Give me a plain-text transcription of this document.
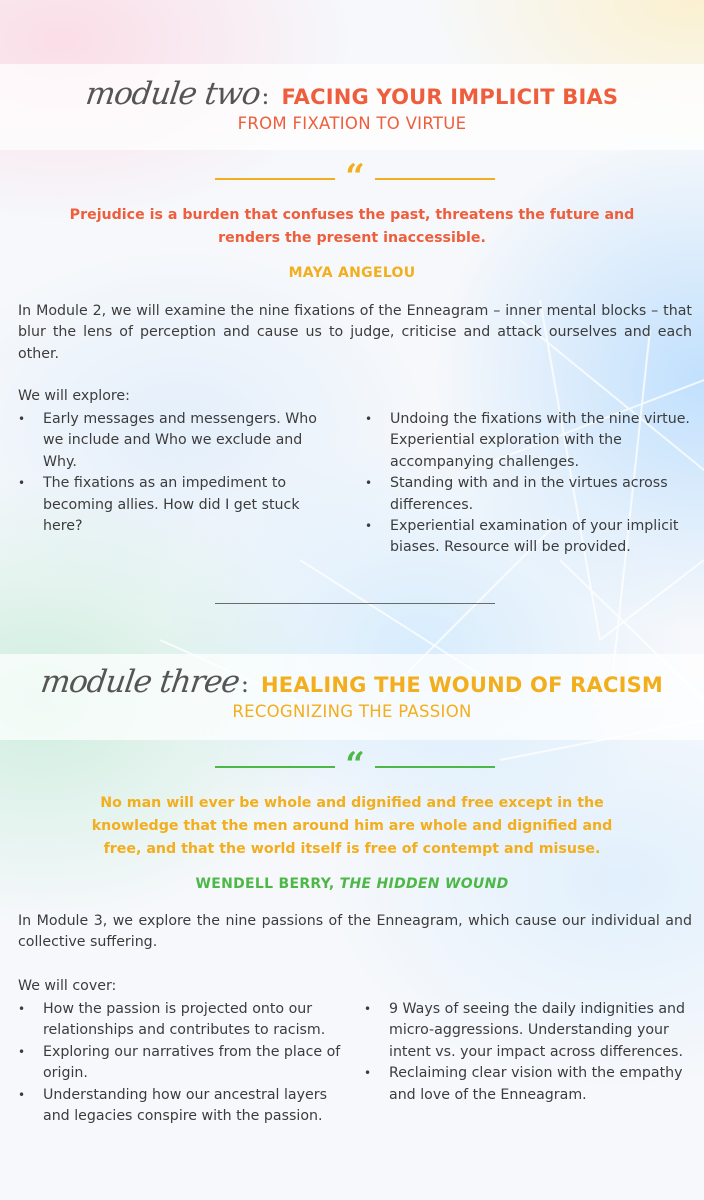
module two: FACING YOUR IMPLICIT BIAS
FROM FIXATION TO VIRTUE
“
Prejudice is a burden that confuses the past, threatens the future and renders the present inaccessible.
MAYA ANGELOU
In Module 2, we will examine the nine fixations of the Enneagram – inner mental blocks – that blur the lens of perception and cause us to judge, criticise and attack ourselves and each other.
We will explore:
• Early messages and messengers. Who we include and Who we exclude and Why.
• The fixations as an impediment to becoming allies. How did I get stuck here?
• Undoing the fixations with the nine virtue. Experiential exploration with the accompanying challenges.
• Standing with and in the virtues across differences.
• Experiential examination of your implicit biases. Resource will be provided.
module three: HEALING THE WOUND OF RACISM
RECOGNIZING THE PASSION
“
No man will ever be whole and dignified and free except in the knowledge that the men around him are whole and dignified and free, and that the world itself is free of contempt and misuse.
WENDELL BERRY, THE HIDDEN WOUND
In Module 3, we explore the nine passions of the Enneagram, which cause our individual and collective suffering.
We will cover:
• How the passion is projected onto our relationships and contributes to racism.
• Exploring our narratives from the place of origin.
• Understanding how our ancestral layers and legacies conspire with the passion.
• 9 Ways of seeing the daily indignities and micro-aggressions. Understanding your intent vs. your impact across differences.
• Reclaiming clear vision with the empathy and love of the Enneagram.
